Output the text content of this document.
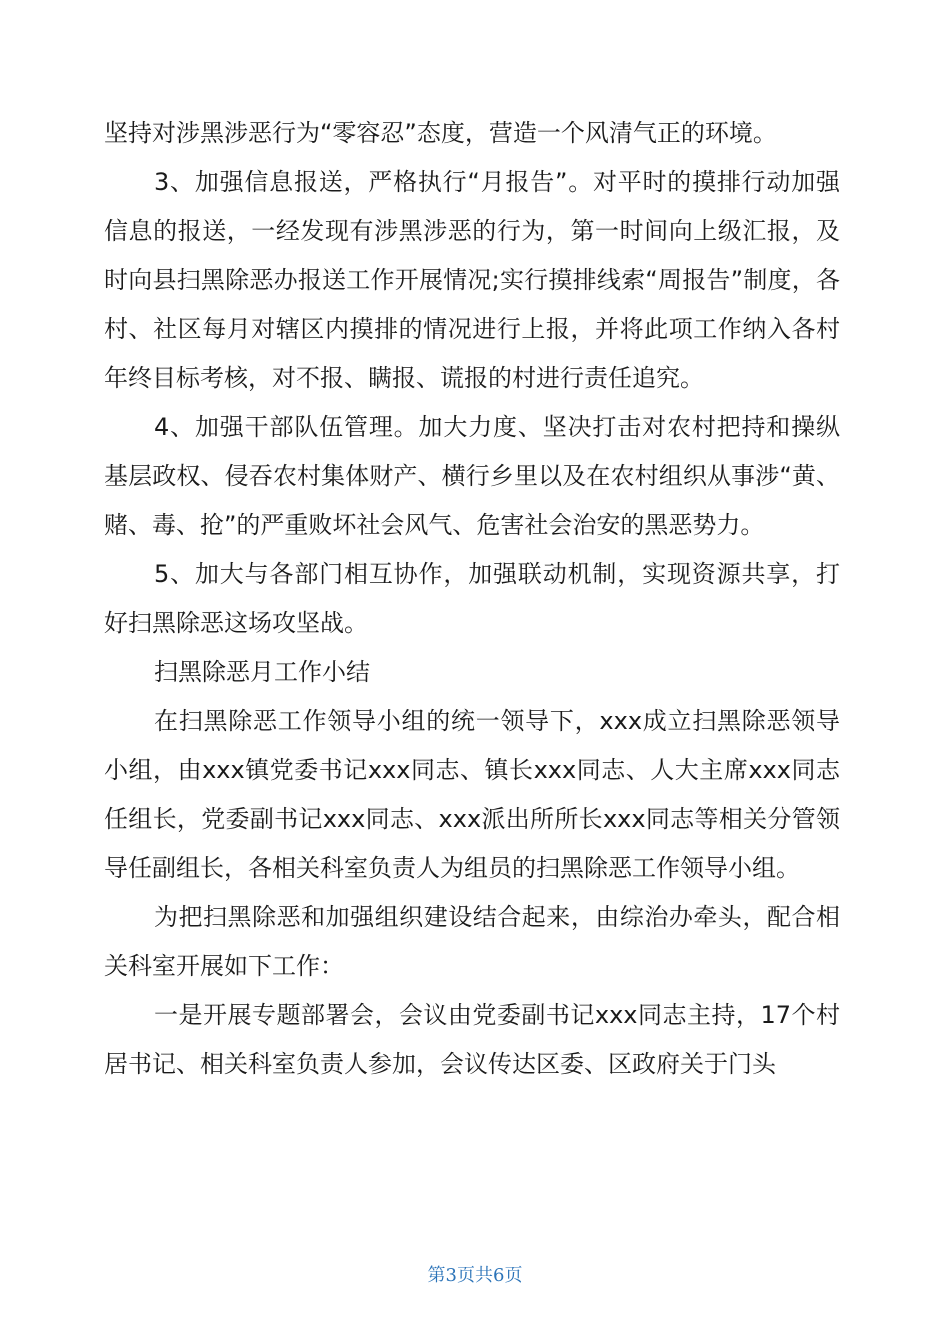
坚持对涉黑涉恶行为“零容忍”态度，营造一个风清气正的环境。

3、加强信息报送，严格执行“月报告”。对平时的摸排行动加强信息的报送，一经发现有涉黑涉恶的行为，第一时间向上级汇报，及时向县扫黑除恶办报送工作开展情况;实行摸排线索“周报告”制度，各村、社区每月对辖区内摸排的情况进行上报，并将此项工作纳入各村年终目标考核，对不报、瞒报、谎报的村进行责任追究。

4、加强干部队伍管理。加大力度、坚决打击对农村把持和操纵基层政权、侵吞农村集体财产、横行乡里以及在农村组织从事涉“黄、赌、毒、抢”的严重败坏社会风气、危害社会治安的黑恶势力。

5、加大与各部门相互协作，加强联动机制，实现资源共享，打好扫黑除恶这场攻坚战。

扫黑除恶月工作小结

在扫黑除恶工作领导小组的统一领导下，xxx成立扫黑除恶领导小组，由xxx镇党委书记xxx同志、镇长xxx同志、人大主席xxx同志任组长，党委副书记xxx同志、xxx派出所所长xxx同志等相关分管领导任副组长，各相关科室负责人为组员的扫黑除恶工作领导小组。

为把扫黑除恶和加强组织建设结合起来，由综治办牵头，配合相关科室开展如下工作：

一是开展专题部署会，会议由党委副书记xxx同志主持，17个村居书记、相关科室负责人参加，会议传达区委、区政府关于门头

第3页共6页
